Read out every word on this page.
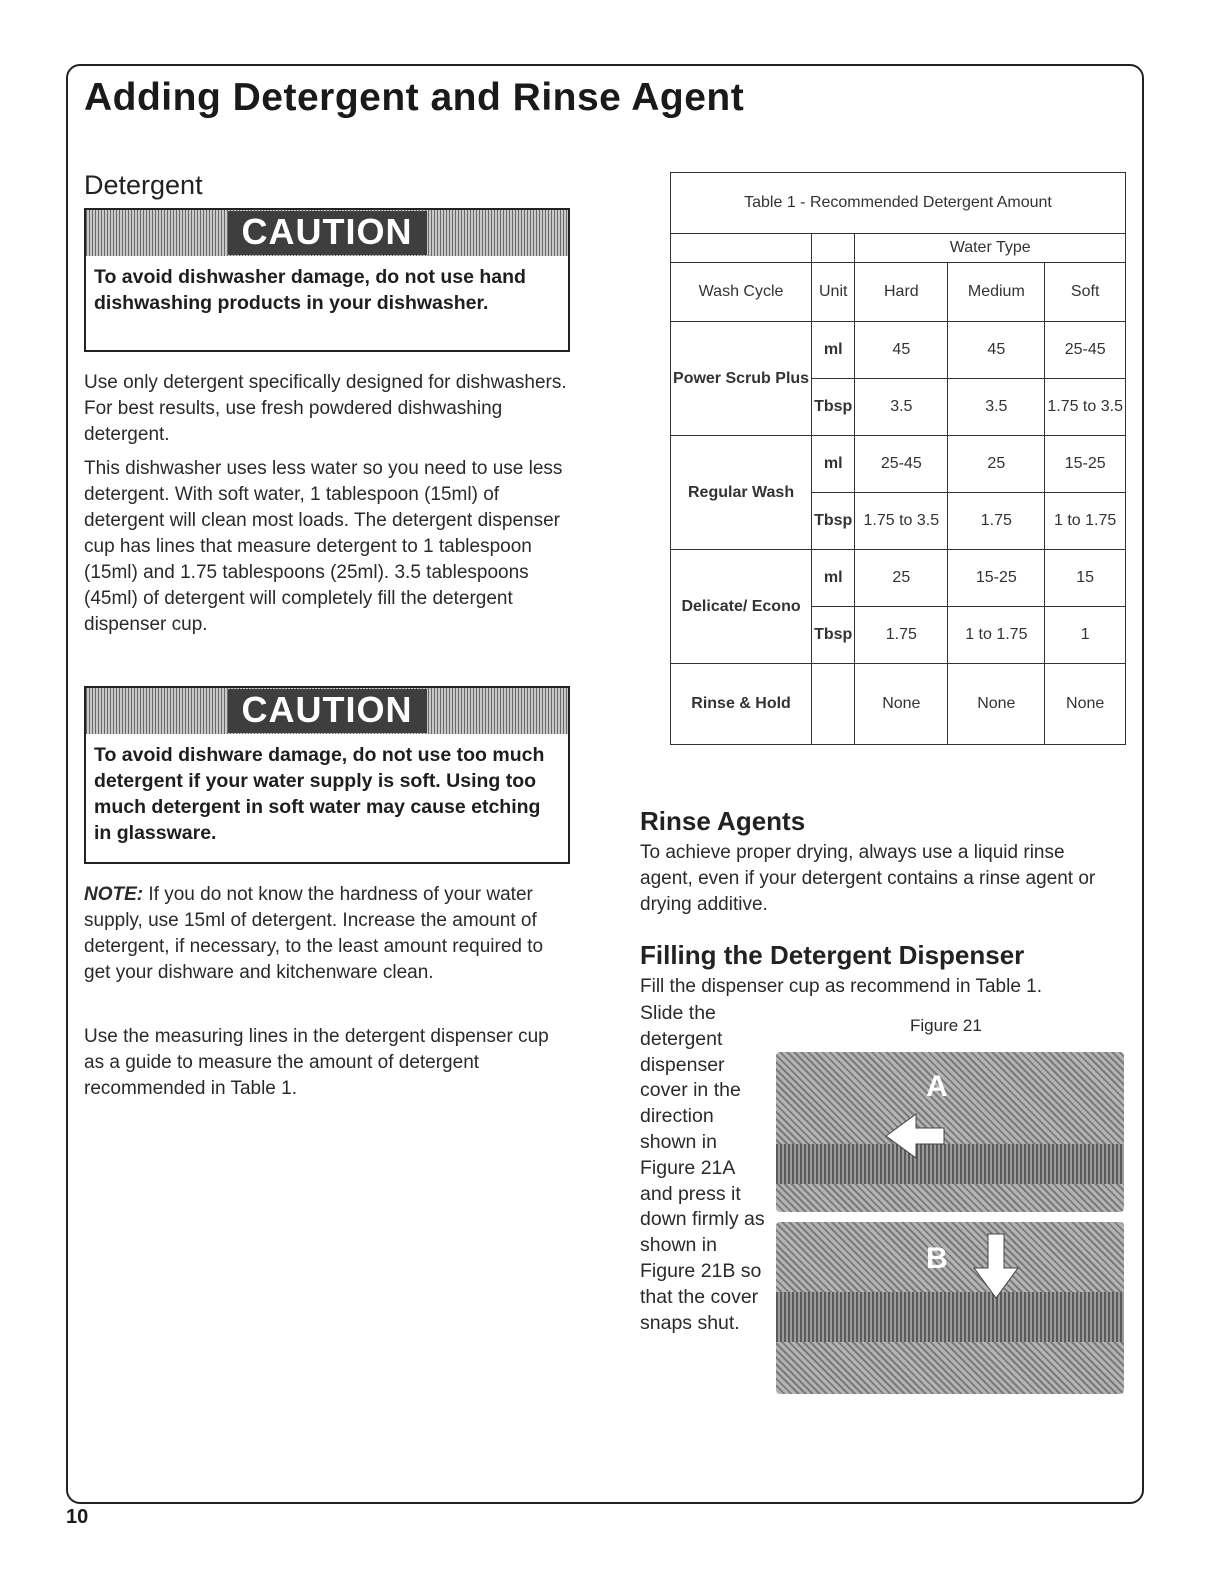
Adding Detergent and Rinse Agent
Detergent
CAUTION

To avoid dishwasher damage, do not use hand dishwashing products in your dishwasher.

Use only detergent specifically designed for dishwashers. For best results, use fresh powdered dishwashing detergent.

This dishwasher uses less water so you need to use less detergent. With soft water, 1 tablespoon (15ml) of detergent will clean most loads. The detergent dispenser cup has lines that measure detergent to 1 tablespoon (15ml) and 1.75 tablespoons (25ml). 3.5 tablespoons (45ml) of detergent will completely fill the detergent dispenser cup.

CAUTION

To avoid dishware damage, do not use too much detergent if your water supply is soft. Using too much detergent in soft water may cause etching in glassware.

NOTE: If you do not know the hardness of your water supply, use 15ml of detergent. Increase the amount of detergent, if necessary, to the least amount required to get your dishware and kitchenware clean.

Use the measuring lines in the detergent dispenser cup as a guide to measure the amount of detergent recommended in Table 1.

Table 1 - Recommended Detergent Amount				
		Water Type		
Wash Cycle	Unit	Hard	Medium	Soft
Power Scrub Plus	ml	45	45	25-45
	Tbsp	3.5	3.5	1.75 to 3.5
Regular Wash	ml	25-45	25	15-25
	Tbsp	1.75 to 3.5	1.75	1 to 1.75
Delicate/ Econo	ml	25	15-25	15
	Tbsp	1.75	1 to 1.75	1
Rinse & Hold		None	None	None
Rinse Agents

To achieve proper drying, always use a liquid rinse agent, even if your detergent contains a rinse agent or drying additive.

Filling the Detergent Dispenser

Fill the dispenser cup as recommend in Table 1.

Slide the detergent dispenser cover in the direction shown in Figure 21A and press it down firmly as shown in Figure 21B so that the cover snaps shut.

Figure 21

A
B

10
